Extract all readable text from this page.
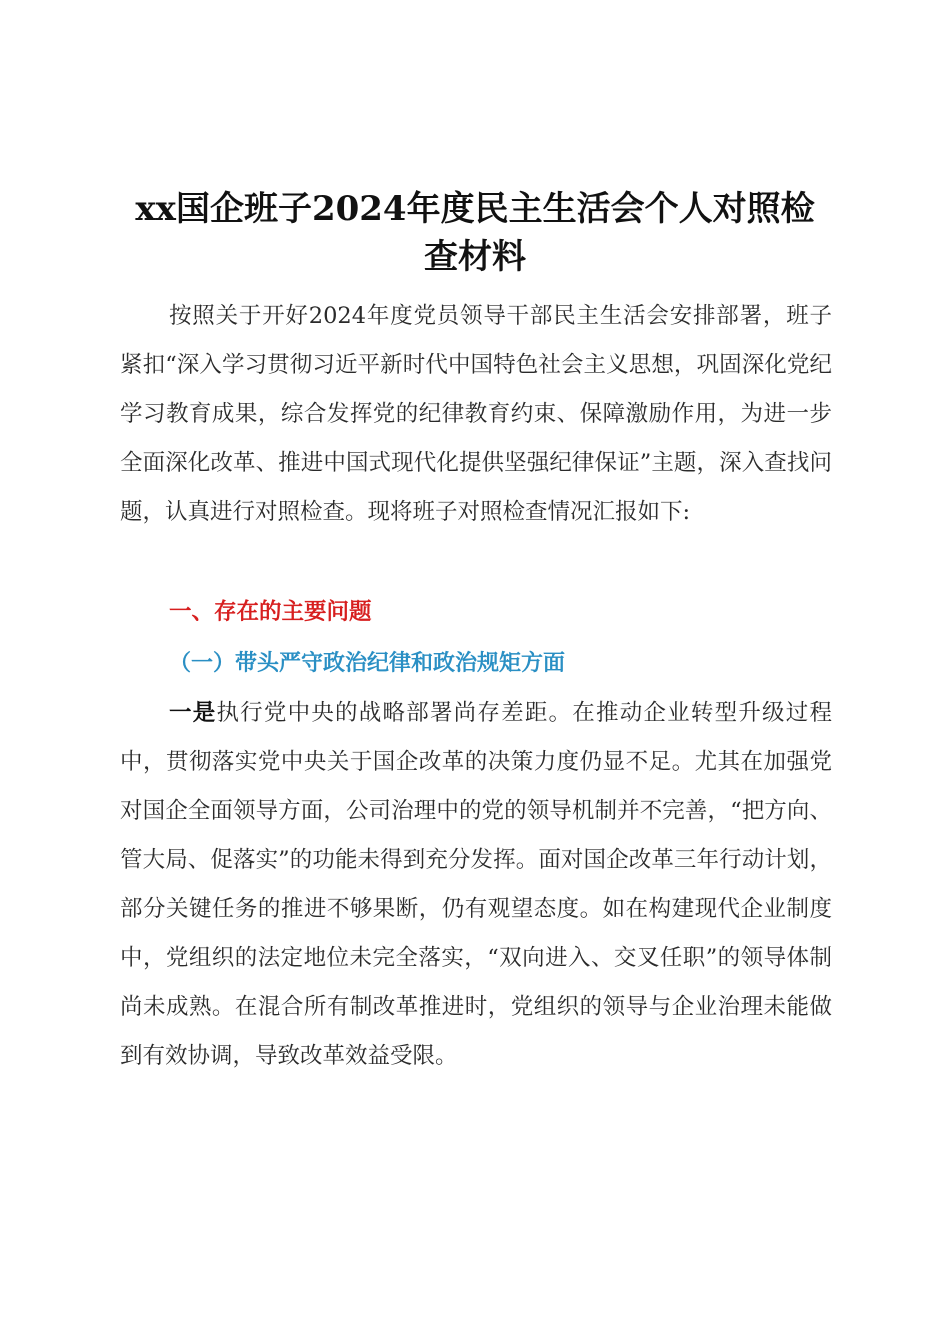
xx国企班子2024年度民主生活会个人对照检查材料

按照关于开好2024年度党员领导干部民主生活会安排部署，班子紧扣“深入学习贯彻习近平新时代中国特色社会主义思想，巩固深化党纪学习教育成果，综合发挥党的纪律教育约束、保障激励作用，为进一步全面深化改革、推进中国式现代化提供坚强纪律保证”主题，深入查找问题，认真进行对照检查。现将班子对照检查情况汇报如下:

一、存在的主要问题
（一）带头严守政治纪律和政治规矩方面

一是执行党中央的战略部署尚存差距。在推动企业转型升级过程中，贯彻落实党中央关于国企改革的决策力度仍显不足。尤其在加强党对国企全面领导方面，公司治理中的党的领导机制并不完善，“把方向、管大局、促落实”的功能未得到充分发挥。面对国企改革三年行动计划，部分关键任务的推进不够果断，仍有观望态度。如在构建现代企业制度中，党组织的法定地位未完全落实，“双向进入、交叉任职”的领导体制尚未成熟。在混合所有制改革推进时，党组织的领导与企业治理未能做到有效协调，导致改革效益受限。
